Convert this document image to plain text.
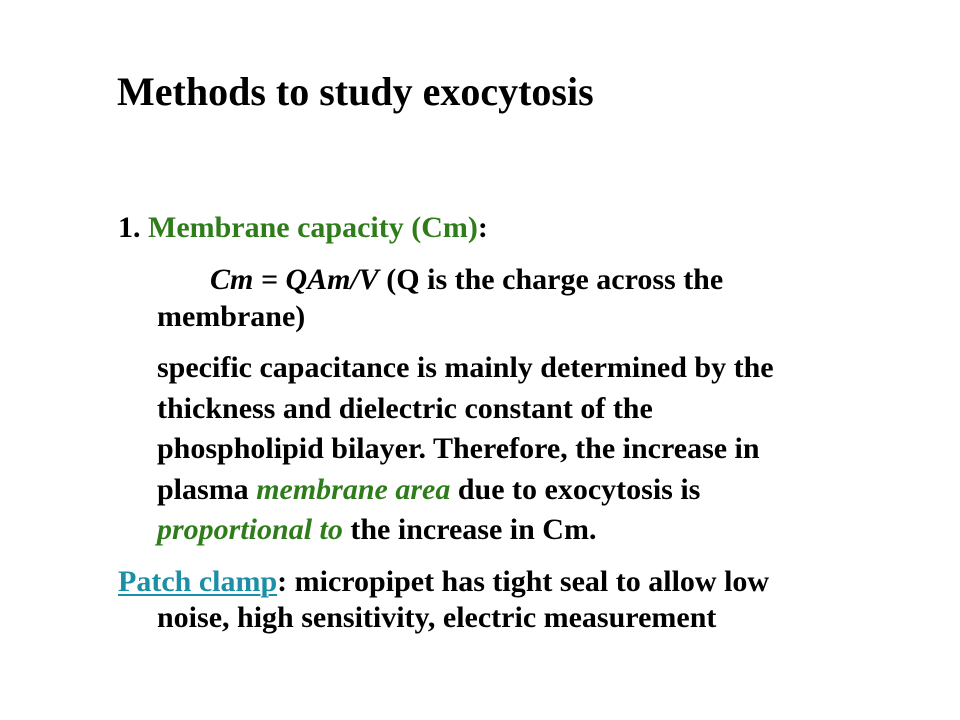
Methods to study exocytosis
1. Membrane capacity (Cm):
Cm = QAm/V (Q is the charge across the
membrane)
specific capacitance is mainly determined by the
thickness and dielectric constant of the
phospholipid bilayer. Therefore, the increase in
plasma membrane area due to exocytosis is
proportional to the increase in Cm.
Patch clamp: micropipet has tight seal to allow low
noise, high sensitivity, electric measurement
